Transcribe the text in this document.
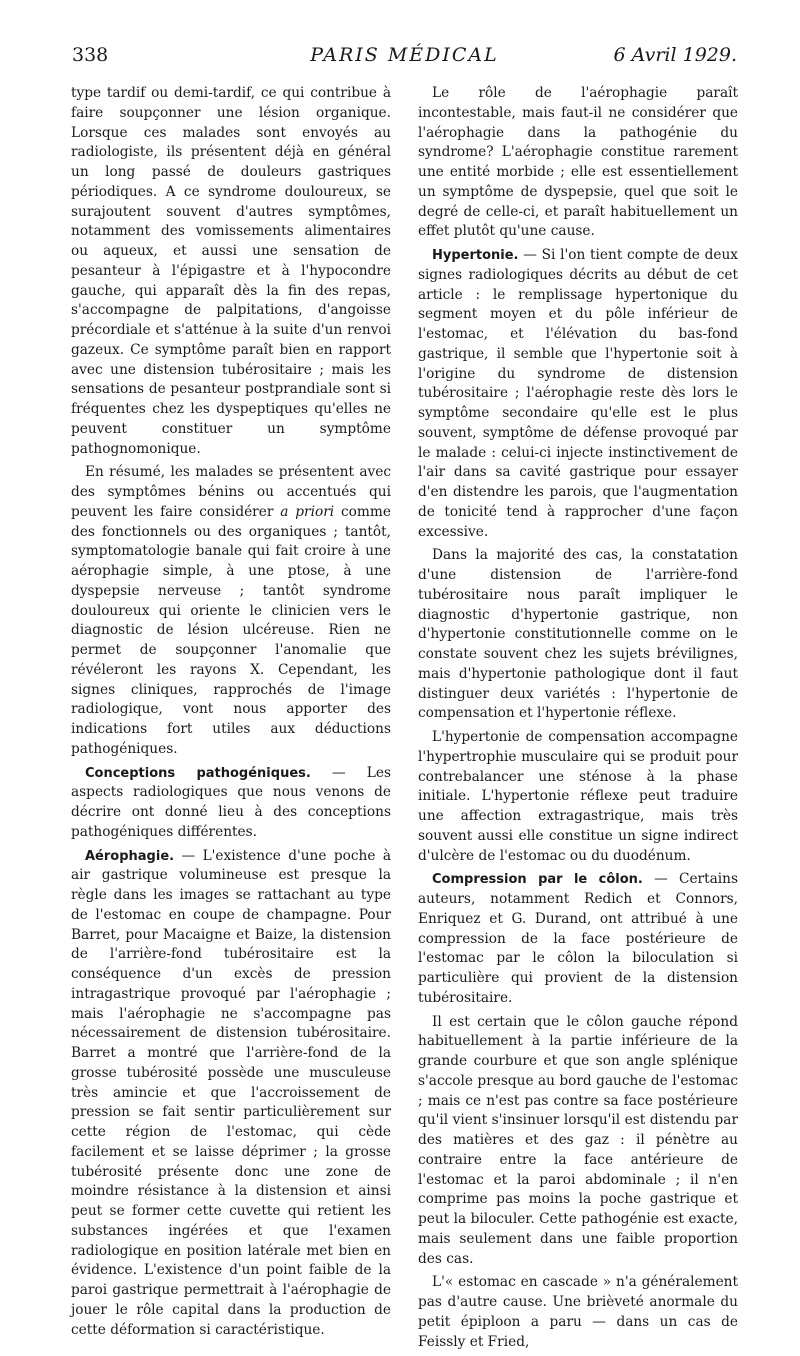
338	PARIS MÉDICAL	6 Avril 1929.

type tardif ou demi-tardif, ce qui contribue à faire soupçonner une lésion organique. Lorsque ces malades sont envoyés au radiologiste, ils présentent déjà en général un long passé de douleurs gastriques périodiques. A ce syndrome douloureux, se surajoutent souvent d'autres symptômes, notamment des vomissements alimentaires ou aqueux, et aussi une sensation de pesanteur à l'épigastre et à l'hypocondre gauche, qui apparaît dès la fin des repas, s'accompagne de palpitations, d'angoisse précordiale et s'atténue à la suite d'un renvoi gazeux. Ce symptôme paraît bien en rapport avec une distension tubérositaire ; mais les sensations de pesanteur postprandiale sont si fréquentes chez les dyspeptiques qu'elles ne peuvent constituer un symptôme pathognomonique.

En résumé, les malades se présentent avec des symptômes bénins ou accentués qui peuvent les faire considérer a priori comme des fonctionnels ou des organiques ; tantôt, symptomatologie banale qui fait croire à une aérophagie simple, à une ptose, à une dyspepsie nerveuse ; tantôt syndrome douloureux qui oriente le clinicien vers le diagnostic de lésion ulcéreuse. Rien ne permet de soupçonner l'anomalie que révéleront les rayons X. Cependant, les signes cliniques, rapprochés de l'image radiologique, vont nous apporter des indications fort utiles aux déductions pathogéniques.

Conceptions pathogéniques. — Les aspects radiologiques que nous venons de décrire ont donné lieu à des conceptions pathogéniques différentes.

Aérophagie. — L'existence d'une poche à air gastrique volumineuse est presque la règle dans les images se rattachant au type de l'estomac en coupe de champagne. Pour Barret, pour Macaigne et Baize, la distension de l'arrière-fond tubérositaire est la conséquence d'un excès de pression intragastrique provoqué par l'aérophagie ; mais l'aérophagie ne s'accompagne pas nécessairement de distension tubérositaire. Barret a montré que l'arrière-fond de la grosse tubérosité possède une musculeuse très amincie et que l'accroissement de pression se fait sentir particulièrement sur cette région de l'estomac, qui cède facilement et se laisse déprimer ; la grosse tubérosité présente donc une zone de moindre résistance à la distension et ainsi peut se former cette cuvette qui retient les substances ingérées et que l'examen radiologique en position latérale met bien en évidence. L'existence d'un point faible de la paroi gastrique permettrait à l'aérophagie de jouer le rôle capital dans la production de cette déformation si caractéristique.

Le rôle de l'aérophagie paraît incontestable, mais faut-il ne considérer que l'aérophagie dans la pathogénie du syndrome? L'aérophagie constitue rarement une entité morbide ; elle est essentiellement un symptôme de dyspepsie, quel que soit le degré de celle-ci, et paraît habituellement un effet plutôt qu'une cause.

Hypertonie. — Si l'on tient compte de deux signes radiologiques décrits au début de cet article : le remplissage hypertonique du segment moyen et du pôle inférieur de l'estomac, et l'élévation du bas-fond gastrique, il semble que l'hypertonie soit à l'origine du syndrome de distension tubérositaire ; l'aérophagie reste dès lors le symptôme secondaire qu'elle est le plus souvent, symptôme de défense provoqué par le malade : celui-ci injecte instinctivement de l'air dans sa cavité gastrique pour essayer d'en distendre les parois, que l'augmentation de tonicité tend à rapprocher d'une façon excessive.

Dans la majorité des cas, la constatation d'une distension de l'arrière-fond tubérositaire nous paraît impliquer le diagnostic d'hypertonie gastrique, non d'hypertonie constitutionnelle comme on le constate souvent chez les sujets brévilignes, mais d'hypertonie pathologique dont il faut distinguer deux variétés : l'hypertonie de compensation et l'hypertonie réflexe.

L'hypertonie de compensation accompagne l'hypertrophie musculaire qui se produit pour contrebalancer une sténose à la phase initiale. L'hypertonie réflexe peut traduire une affection extragastrique, mais très souvent aussi elle constitue un signe indirect d'ulcère de l'estomac ou du duodénum.

Compression par le côlon. — Certains auteurs, notamment Redich et Connors, Enriquez et G. Durand, ont attribué à une compression de la face postérieure de l'estomac par le côlon la biloculation si particulière qui provient de la distension tubérositaire.

Il est certain que le côlon gauche répond habituellement à la partie inférieure de la grande courbure et que son angle splénique s'accole presque au bord gauche de l'estomac ; mais ce n'est pas contre sa face postérieure qu'il vient s'insinuer lorsqu'il est distendu par des matières et des gaz : il pénètre au contraire entre la face antérieure de l'estomac et la paroi abdominale ; il n'en comprime pas moins la poche gastrique et peut la biloculer. Cette pathogénie est exacte, mais seulement dans une faible proportion des cas.

L'« estomac en cascade » n'a généralement pas d'autre cause. Une brièveté anormale du petit épiploon a paru — dans un cas de Feissly et Fried,
